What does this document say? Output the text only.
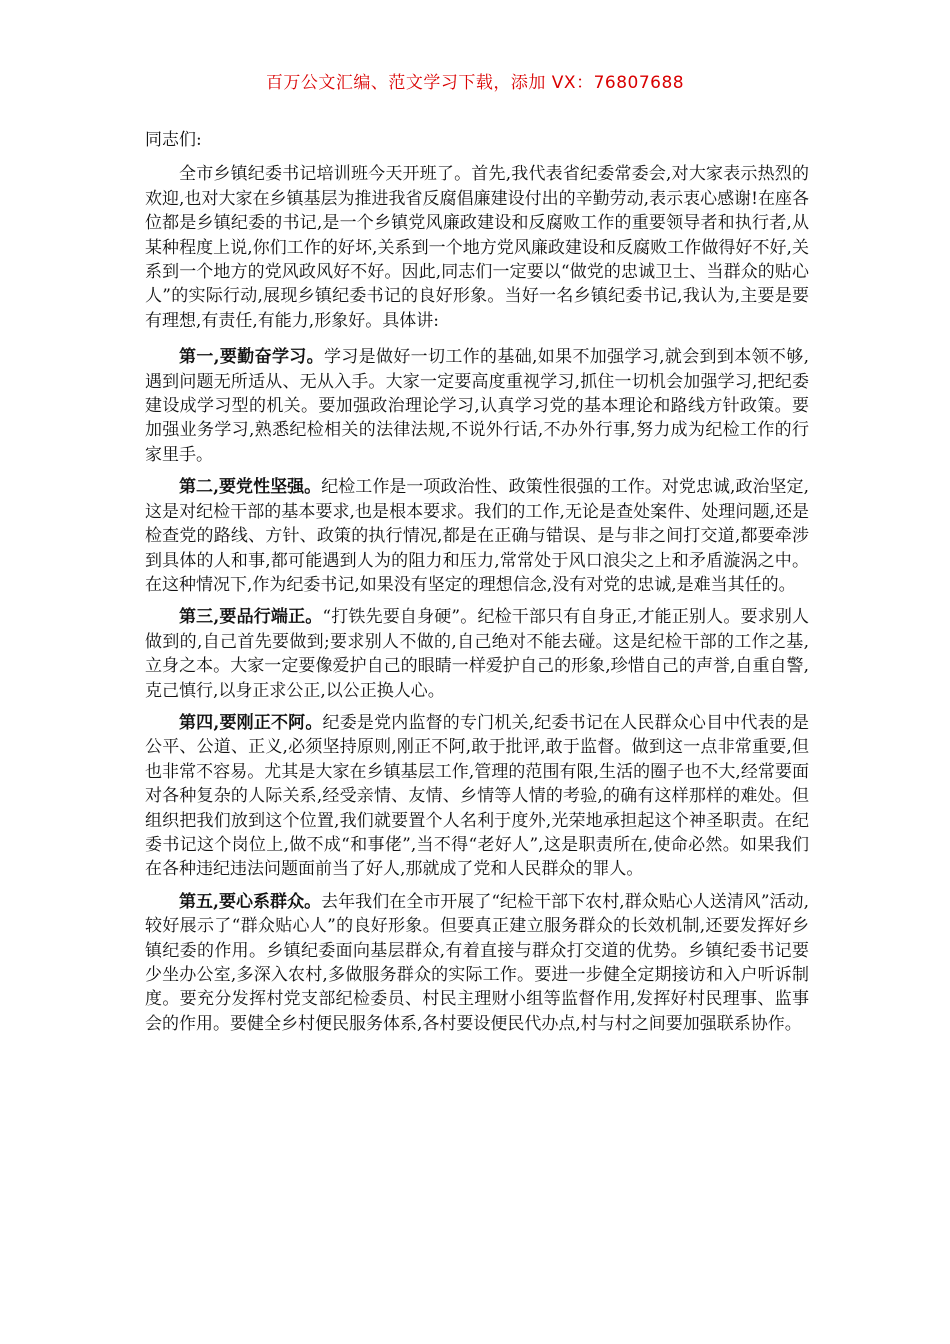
百万公文汇编、范文学习下载，添加 VX：76807688

同志们:

全市乡镇纪委书记培训班今天开班了。首先,我代表省纪委常委会,对大家表示热烈的欢迎,也对大家在乡镇基层为推进我省反腐倡廉建设付出的辛勤劳动,表示衷心感谢!在座各位都是乡镇纪委的书记,是一个乡镇党风廉政建设和反腐败工作的重要领导者和执行者,从某种程度上说,你们工作的好坏,关系到一个地方党风廉政建设和反腐败工作做得好不好,关系到一个地方的党风政风好不好。因此,同志们一定要以“做党的忠诚卫士、当群众的贴心人”的实际行动,展现乡镇纪委书记的良好形象。当好一名乡镇纪委书记,我认为,主要是要有理想,有责任,有能力,形象好。具体讲:

第一,要勤奋学习。学习是做好一切工作的基础,如果不加强学习,就会到到本领不够,遇到问题无所适从、无从入手。大家一定要高度重视学习,抓住一切机会加强学习,把纪委建设成学习型的机关。要加强政治理论学习,认真学习党的基本理论和路线方针政策。要加强业务学习,熟悉纪检相关的法律法规,不说外行话,不办外行事,努力成为纪检工作的行家里手。

第二,要党性坚强。纪检工作是一项政治性、政策性很强的工作。对党忠诚,政治坚定,这是对纪检干部的基本要求,也是根本要求。我们的工作,无论是查处案件、处理问题,还是检查党的路线、方针、政策的执行情况,都是在正确与错误、是与非之间打交道,都要牵涉到具体的人和事,都可能遇到人为的阻力和压力,常常处于风口浪尖之上和矛盾漩涡之中。在这种情况下,作为纪委书记,如果没有坚定的理想信念,没有对党的忠诚,是难当其任的。

第三,要品行端正。“打铁先要自身硬”。纪检干部只有自身正,才能正别人。要求别人做到的,自己首先要做到;要求别人不做的,自己绝对不能去碰。这是纪检干部的工作之基,立身之本。大家一定要像爱护自己的眼睛一样爱护自己的形象,珍惜自己的声誉,自重自警,克己慎行,以身正求公正,以公正换人心。

第四,要刚正不阿。纪委是党内监督的专门机关,纪委书记在人民群众心目中代表的是公平、公道、正义,必须坚持原则,刚正不阿,敢于批评,敢于监督。做到这一点非常重要,但也非常不容易。尤其是大家在乡镇基层工作,管理的范围有限,生活的圈子也不大,经常要面对各种复杂的人际关系,经受亲情、友情、乡情等人情的考验,的确有这样那样的难处。但组织把我们放到这个位置,我们就要置个人名利于度外,光荣地承担起这个神圣职责。在纪委书记这个岗位上,做不成“和事佬”,当不得“老好人”,这是职责所在,使命必然。如果我们在各种违纪违法问题面前当了好人,那就成了党和人民群众的罪人。

第五,要心系群众。去年我们在全市开展了“纪检干部下农村,群众贴心人送清风”活动,较好展示了“群众贴心人”的良好形象。但要真正建立服务群众的长效机制,还要发挥好乡镇纪委的作用。乡镇纪委面向基层群众,有着直接与群众打交道的优势。乡镇纪委书记要少坐办公室,多深入农村,多做服务群众的实际工作。要进一步健全定期接访和入户听诉制度。要充分发挥村党支部纪检委员、村民主理财小组等监督作用,发挥好村民理事、监事会的作用。要健全乡村便民服务体系,各村要设便民代办点,村与村之间要加强联系协作。
